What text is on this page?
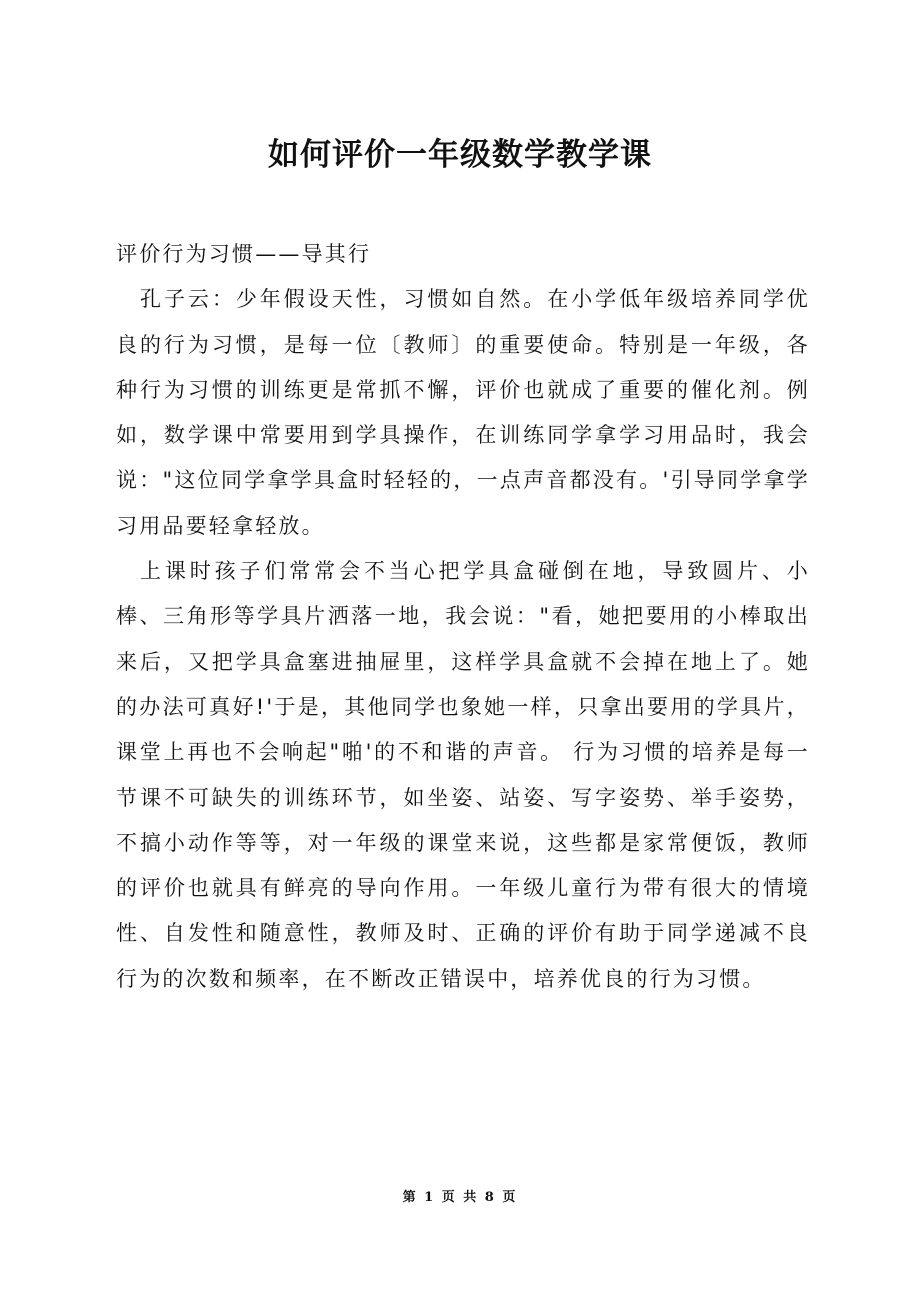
如何评价一年级数学教学课

评价行为习惯——导其行

孔子云：少年假设天性，习惯如自然。在小学低年级培养同学优良的行为习惯，是每一位〔教师〕的重要使命。特别是一年级，各种行为习惯的训练更是常抓不懈，评价也就成了重要的催化剂。例如，数学课中常要用到学具操作，在训练同学拿学习用品时，我会说："这位同学拿学具盒时轻轻的，一点声音都没有。'引导同学拿学习用品要轻拿轻放。

上课时孩子们常常会不当心把学具盒碰倒在地，导致圆片、小棒、三角形等学具片洒落一地，我会说："看，她把要用的小棒取出来后，又把学具盒塞进抽屉里，这样学具盒就不会掉在地上了。她的办法可真好!'于是，其他同学也象她一样，只拿出要用的学具片，课堂上再也不会响起"啪'的不和谐的声音。 行为习惯的培养是每一节课不可缺失的训练环节，如坐姿、站姿、写字姿势、举手姿势，不搞小动作等等，对一年级的课堂来说，这些都是家常便饭，教师的评价也就具有鲜亮的导向作用。一年级儿童行为带有很大的情境性、自发性和随意性，教师及时、正确的评价有助于同学递减不良行为的次数和频率，在不断改正错误中，培养优良的行为习惯。

第 1 页 共 8 页
